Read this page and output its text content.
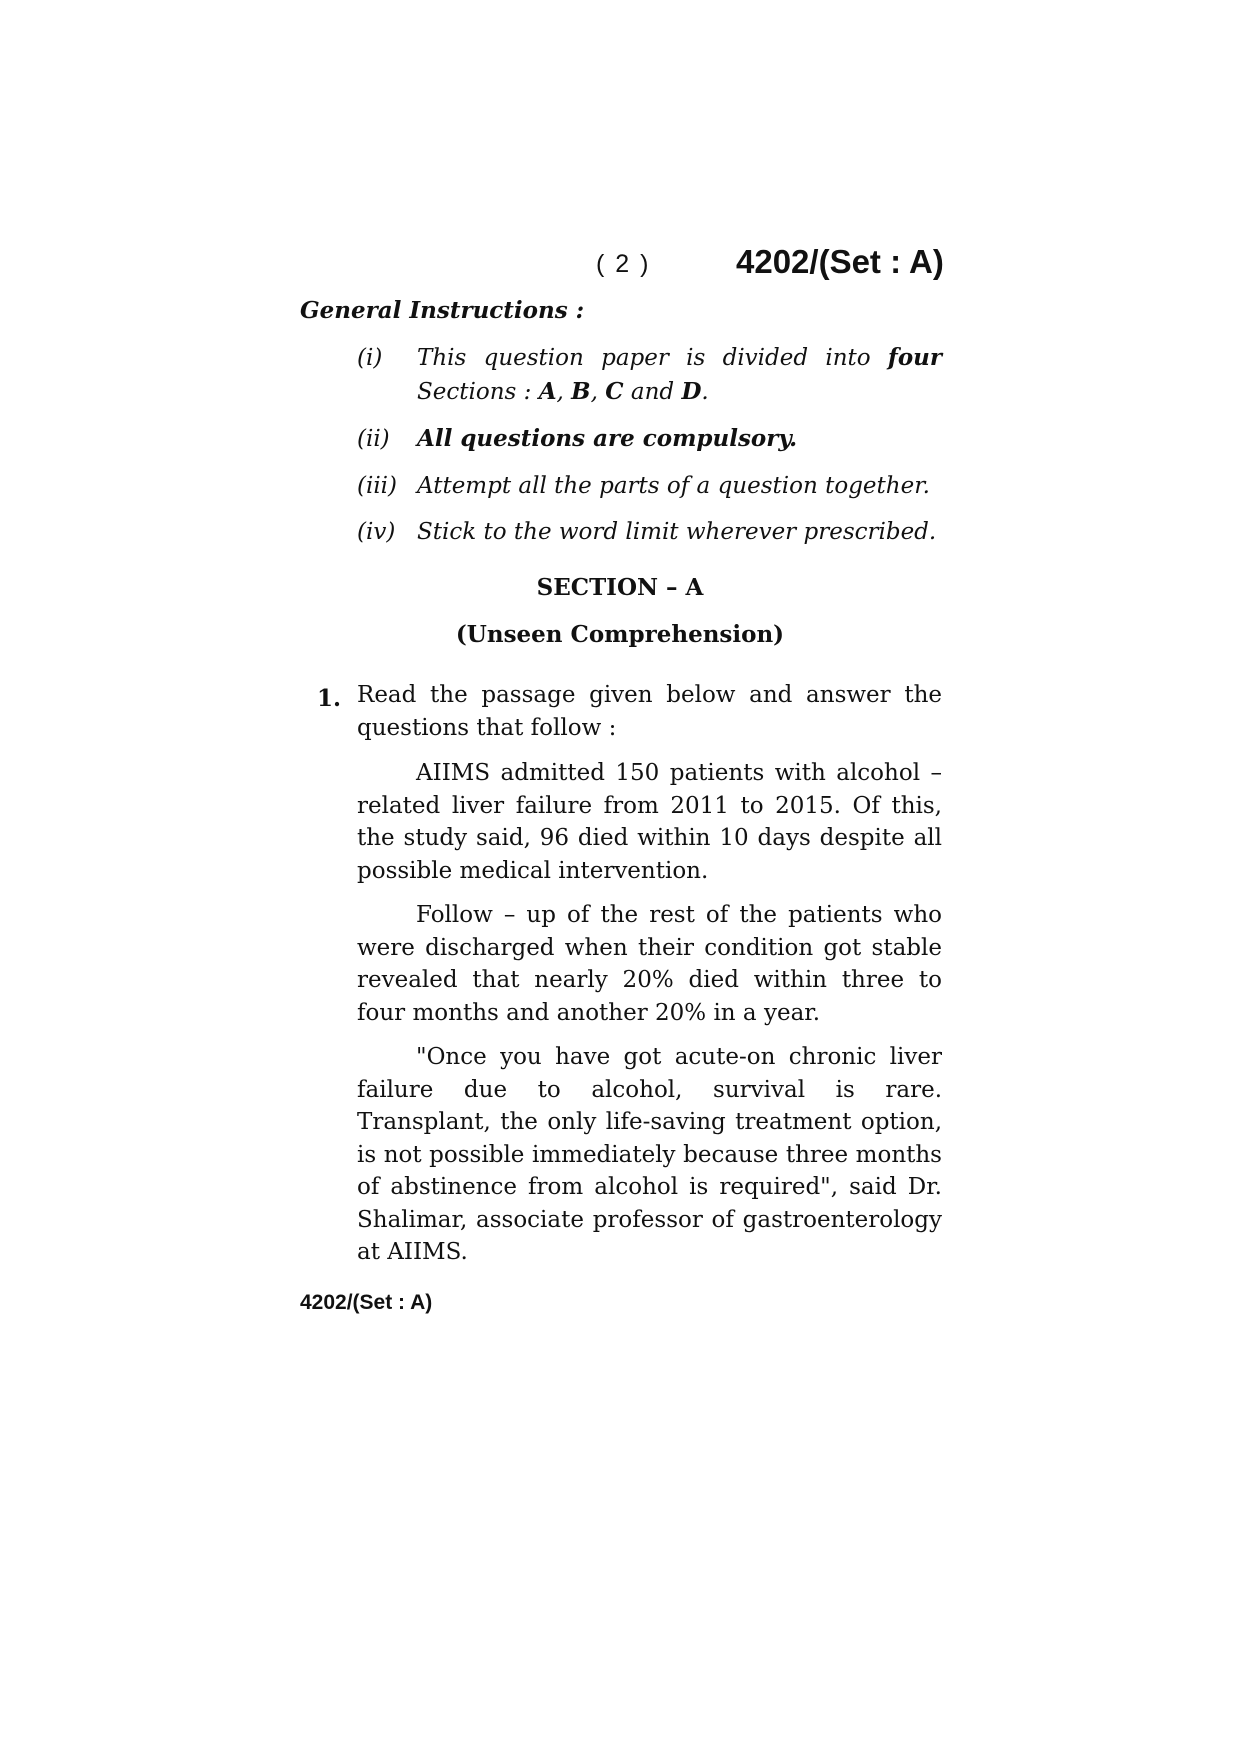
( 2 )	4202/(Set : A)
General Instructions :
(i) This question paper is divided into four
Sections : A, B, C and D.
(ii) All questions are compulsory.
(iii) Attempt all the parts of a question together.
(iv) Stick to the word limit wherever prescribed.
SECTION – A
(Unseen Comprehension)
1. Read the passage given below and answer the questions that follow :
AIIMS admitted 150 patients with alcohol – related liver failure from 2011 to 2015. Of this, the study said, 96 died within 10 days despite all possible medical intervention.
Follow – up of the rest of the patients who were discharged when their condition got stable revealed that nearly 20% died within three to four months and another 20% in a year.
"Once you have got acute-on chronic liver failure due to alcohol, survival is rare. Transplant, the only life-saving treatment option, is not possible immediately because three months of abstinence from alcohol is required", said Dr. Shalimar, associate professor of gastroenterology at AIIMS.
4202/(Set : A)
